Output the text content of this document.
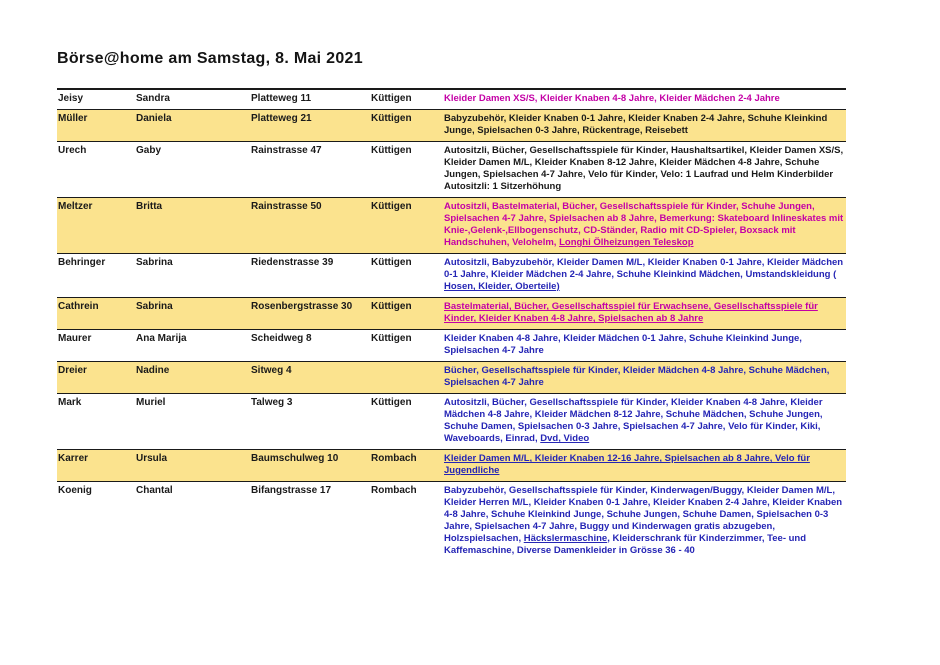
Börse@home am Samstag, 8. Mai 2021
Jeisy	Sandra	Platteweg 11	Küttigen	Kleider Damen XS/S, Kleider Knaben 4-8 Jahre, Kleider Mädchen 2-4 Jahre
Müller	Daniela	Platteweg 21	Küttigen	Babyzubehör, Kleider Knaben 0-1 Jahre, Kleider Knaben 2-4 Jahre, Schuhe Kleinkind Junge, Spielsachen 0-3 Jahre, Rückentrage, Reisebett
Urech	Gaby	Rainstrasse 47	Küttigen	Autositzli, Bücher, Gesellschaftsspiele für Kinder, Haushaltsartikel, Kleider Damen XS/S, Kleider Damen M/L, Kleider Knaben 8-12 Jahre, Kleider Mädchen 4-8 Jahre, Schuhe Jungen, Spielsachen 4-7 Jahre, Velo für Kinder, Velo: 1 Laufrad und Helm Kinderbilder Autositzli: 1 Sitzerhöhung
Meltzer	Britta	Rainstrasse 50	Küttigen	Autositzli, Bastelmaterial, Bücher, Gesellschaftsspiele für Kinder, Schuhe Jungen, Spielsachen 4-7 Jahre, Spielsachen ab 8 Jahre, Bemerkung: Skateboard Inlineskates mit Knie-,Gelenk-,Ellbogenschutz, CD-Ständer, Radio mit CD-Spieler, Boxsack mit Handschuhen, Velohelm, Longhi Ölheizungen Teleskop
Behringer	Sabrina	Riedenstrasse 39	Küttigen	Autositzli, Babyzubehör, Kleider Damen M/L, Kleider Knaben 0-1 Jahre, Kleider Mädchen 0-1 Jahre, Kleider Mädchen 2-4 Jahre, Schuhe Kleinkind Mädchen, Umstandskleidung ( Hosen, Kleider, Oberteile)
Cathrein	Sabrina	Rosenbergstrasse 30	Küttigen	Bastelmaterial, Bücher, Gesellschaftsspiel für Erwachsene, Gesellschaftsspiele für Kinder, Kleider Knaben 4-8 Jahre, Spielsachen ab 8 Jahre
Maurer	Ana Marija	Scheidweg 8	Küttigen	Kleider Knaben 4-8 Jahre, Kleider Mädchen 0-1 Jahre, Schuhe Kleinkind Junge, Spielsachen 4-7 Jahre
Dreier	Nadine	Sitweg 4		Bücher, Gesellschaftsspiele für Kinder, Kleider Mädchen 4-8 Jahre, Schuhe Mädchen, Spielsachen 4-7 Jahre
Mark	Muriel	Talweg 3	Küttigen	Autositzli, Bücher, Gesellschaftsspiele für Kinder, Kleider Knaben 4-8 Jahre, Kleider Mädchen 4-8 Jahre, Kleider Mädchen 8-12 Jahre, Schuhe Mädchen, Schuhe Jungen, Schuhe Damen, Spielsachen 0-3 Jahre, Spielsachen 4-7 Jahre, Velo für Kinder, Kiki, Waveboards, Einrad, Dvd, Video
Karrer	Ursula	Baumschulweg 10	Rombach	Kleider Damen M/L, Kleider Knaben 12-16 Jahre, Spielsachen ab 8 Jahre, Velo für Jugendliche
Koenig	Chantal	Bifangstrasse 17	Rombach	Babyzubehör, Gesellschaftsspiele für Kinder, Kinderwagen/Buggy, Kleider Damen M/L, Kleider Herren M/L, Kleider Knaben 0-1 Jahre, Kleider Knaben 2-4 Jahre, Kleider Knaben 4-8 Jahre, Schuhe Kleinkind Junge, Schuhe Jungen, Schuhe Damen, Spielsachen 0-3 Jahre, Spielsachen 4-7 Jahre, Buggy und Kinderwagen gratis abzugeben, Holzspielsachen, Häckslermaschine, Kleiderschrank für Kinderzimmer, Tee- und Kaffemaschine, Diverse Damenkleider in Grösse 36 - 40
